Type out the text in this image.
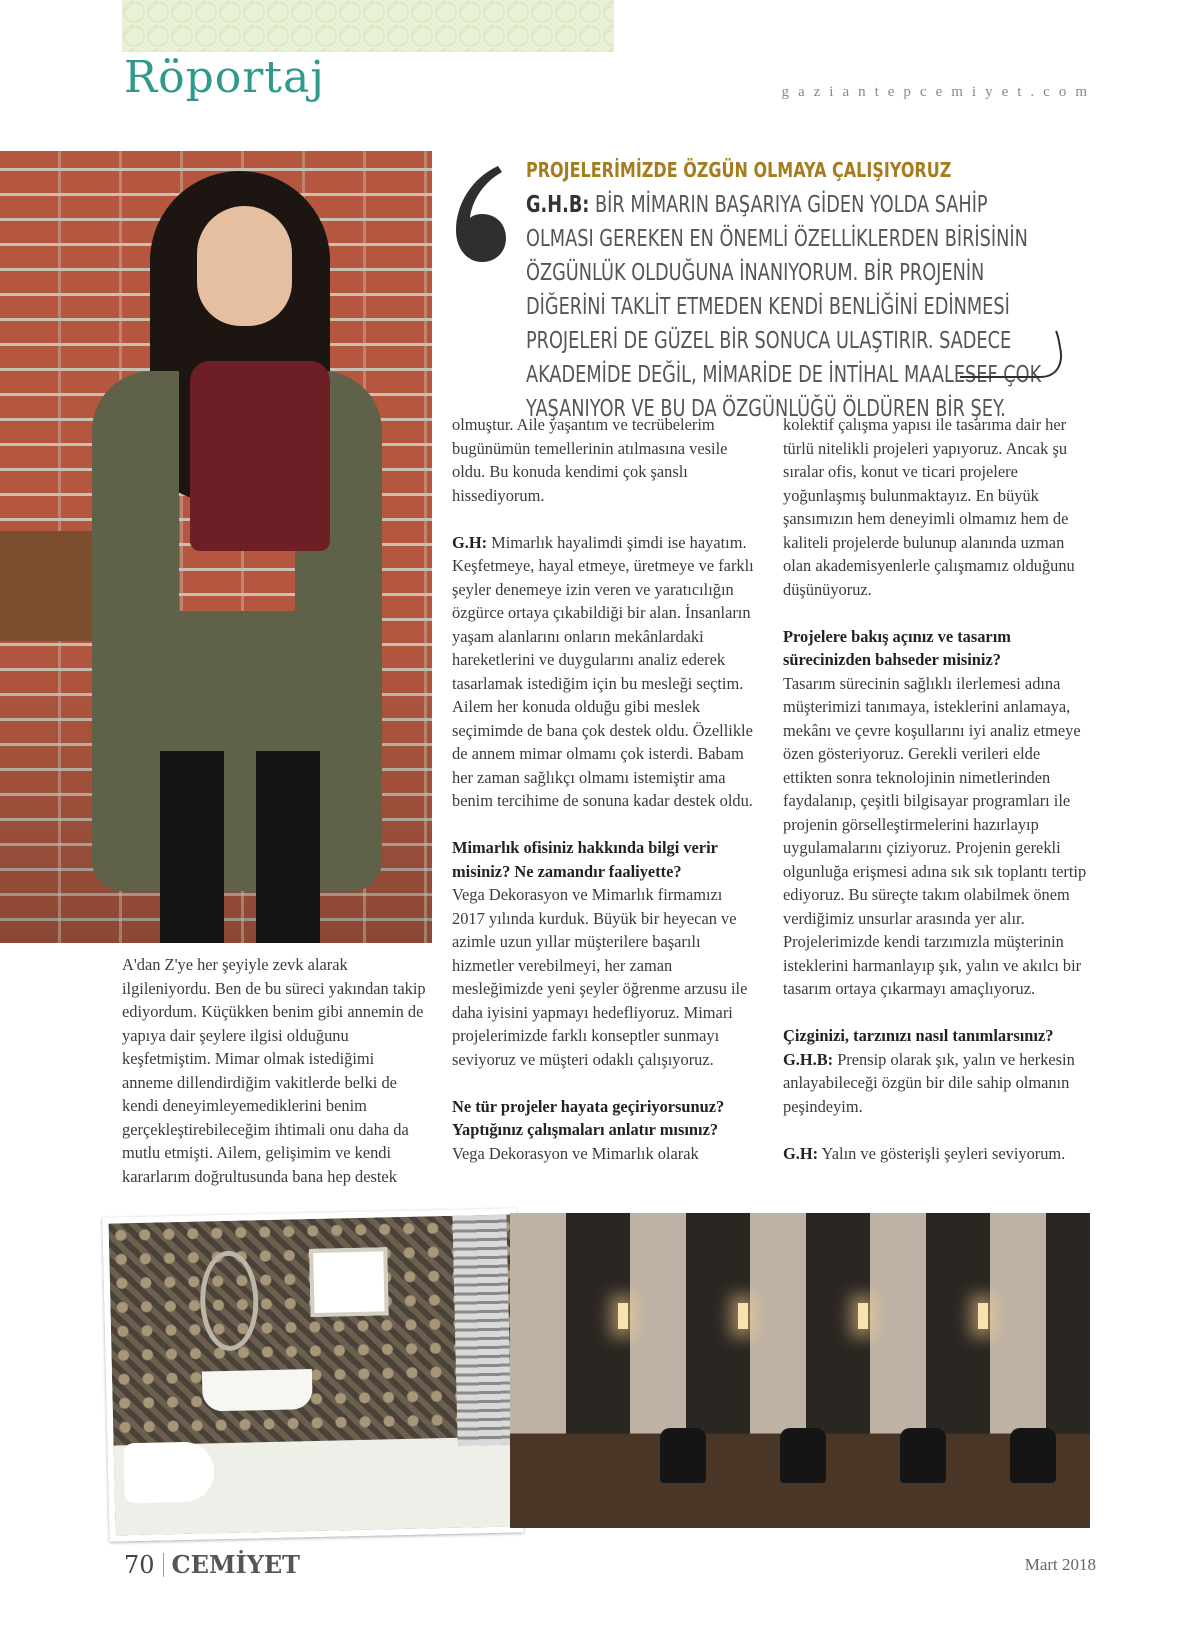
Röportaj	gaziantepcemiyet.com
PROJELERİMİZDE ÖZGÜN OLMAYA ÇALIŞIYORUZ

G.H.B: BİR MİMARIN BAŞARIYA GİDEN YOLDA SAHİP OLMASI GEREKEN EN ÖNEMLİ ÖZELLİKLERDEN BİRİSİNİN ÖZGÜNLÜK OLDUĞUNA İNANIYORUM. BİR PROJENİN DİĞERİNİ TAKLİT ETMEDEN KENDİ BENLİĞİNİ EDİNMESİ PROJELERİ DE GÜZEL BİR SONUCA ULAŞTIRIR. SADECE AKADEMİDE DEĞİL, MİMARİDE DE İNTİHAL MAALESEF ÇOK YAŞANIYOR VE BU DA ÖZGÜNLÜĞÜ ÖLDÜREN BİR ŞEY.

A'dan Z'ye her şeyiyle zevk alarak ilgileniyordu. Ben de bu süreci yakından takip ediyordum. Küçükken benim gibi annemin de yapıya dair şeylere ilgisi olduğunu keşfetmiştim. Mimar olmak istediğimi anneme dillendirdiğim vakitlerde belki de kendi deneyimleyemediklerini benim gerçekleştirebileceğim ihtimali onu daha da mutlu etmişti. Ailem, gelişimim ve kendi kararlarım doğrultusunda bana hep destek

olmuştur. Aile yaşantım ve tecrübelerim bugünümün temellerinin atılmasına vesile oldu. Bu konuda kendimi çok şanslı hissediyorum.

G.H: Mimarlık hayalimdi şimdi ise hayatım. Keşfetmeye, hayal etmeye, üretmeye ve farklı şeyler denemeye izin veren ve yaratıcılığın özgürce ortaya çıkabildiği bir alan. İnsanların yaşam alanlarını onların mekânlardaki hareketlerini ve duygularını analiz ederek tasarlamak istediğim için bu mesleği seçtim. Ailem her konuda olduğu gibi meslek seçimimde de bana çok destek oldu. Özellikle de annem mimar olmamı çok isterdi. Babam her zaman sağlıkçı olmamı istemiştir ama benim tercihime de sonuna kadar destek oldu.

Mimarlık ofisiniz hakkında bilgi verir misiniz? Ne zamandır faaliyette?
Vega Dekorasyon ve Mimarlık firmamızı 2017 yılında kurduk. Büyük bir heyecan ve azimle uzun yıllar müşterilere başarılı hizmetler verebilmeyi, her zaman mesleğimizde yeni şeyler öğrenme arzusu ile daha iyisini yapmayı hedefliyoruz. Mimari projelerimizde farklı konseptler sunmayı seviyoruz ve müşteri odaklı çalışıyoruz.

Ne tür projeler hayata geçiriyorsunuz? Yaptığınız çalışmaları anlatır mısınız?
Vega Dekorasyon ve Mimarlık olarak

kolektif çalışma yapısı ile tasarıma dair her türlü nitelikli projeleri yapıyoruz. Ancak şu sıralar ofis, konut ve ticari projelere yoğunlaşmış bulunmaktayız. En büyük şansımızın hem deneyimli olmamız hem de kaliteli projelerde bulunup alanında uzman olan akademisyenlerle çalışmamız olduğunu düşünüyoruz.

Projelere bakış açınız ve tasarım sürecinizden bahseder misiniz?
Tasarım sürecinin sağlıklı ilerlemesi adına müşterimizi tanımaya, isteklerini anlamaya, mekânı ve çevre koşullarını iyi analiz etmeye özen gösteriyoruz. Gerekli verileri elde ettikten sonra teknolojinin nimetlerinden faydalanıp, çeşitli bilgisayar programları ile projenin görselleştirmelerini hazırlayıp uygulamalarını çiziyoruz. Projenin gerekli olgunluğa erişmesi adına sık sık toplantı tertip ediyoruz. Bu süreçte takım olabilmek önem verdiğimiz unsurlar arasında yer alır. Projelerimizde kendi tarzımızla müşterinin isteklerini harmanlayıp şık, yalın ve akılcı bir tasarım ortaya çıkarmayı amaçlıyoruz.

Çizginizi, tarzınızı nasıl tanımlarsınız?
G.H.B: Prensip olarak şık, yalın ve herkesin anlayabileceği özgün bir dile sahip olmanın peşindeyim.

G.H: Yalın ve gösterişli şeyleri seviyorum.

70 CEMİYET	Mart 2018
